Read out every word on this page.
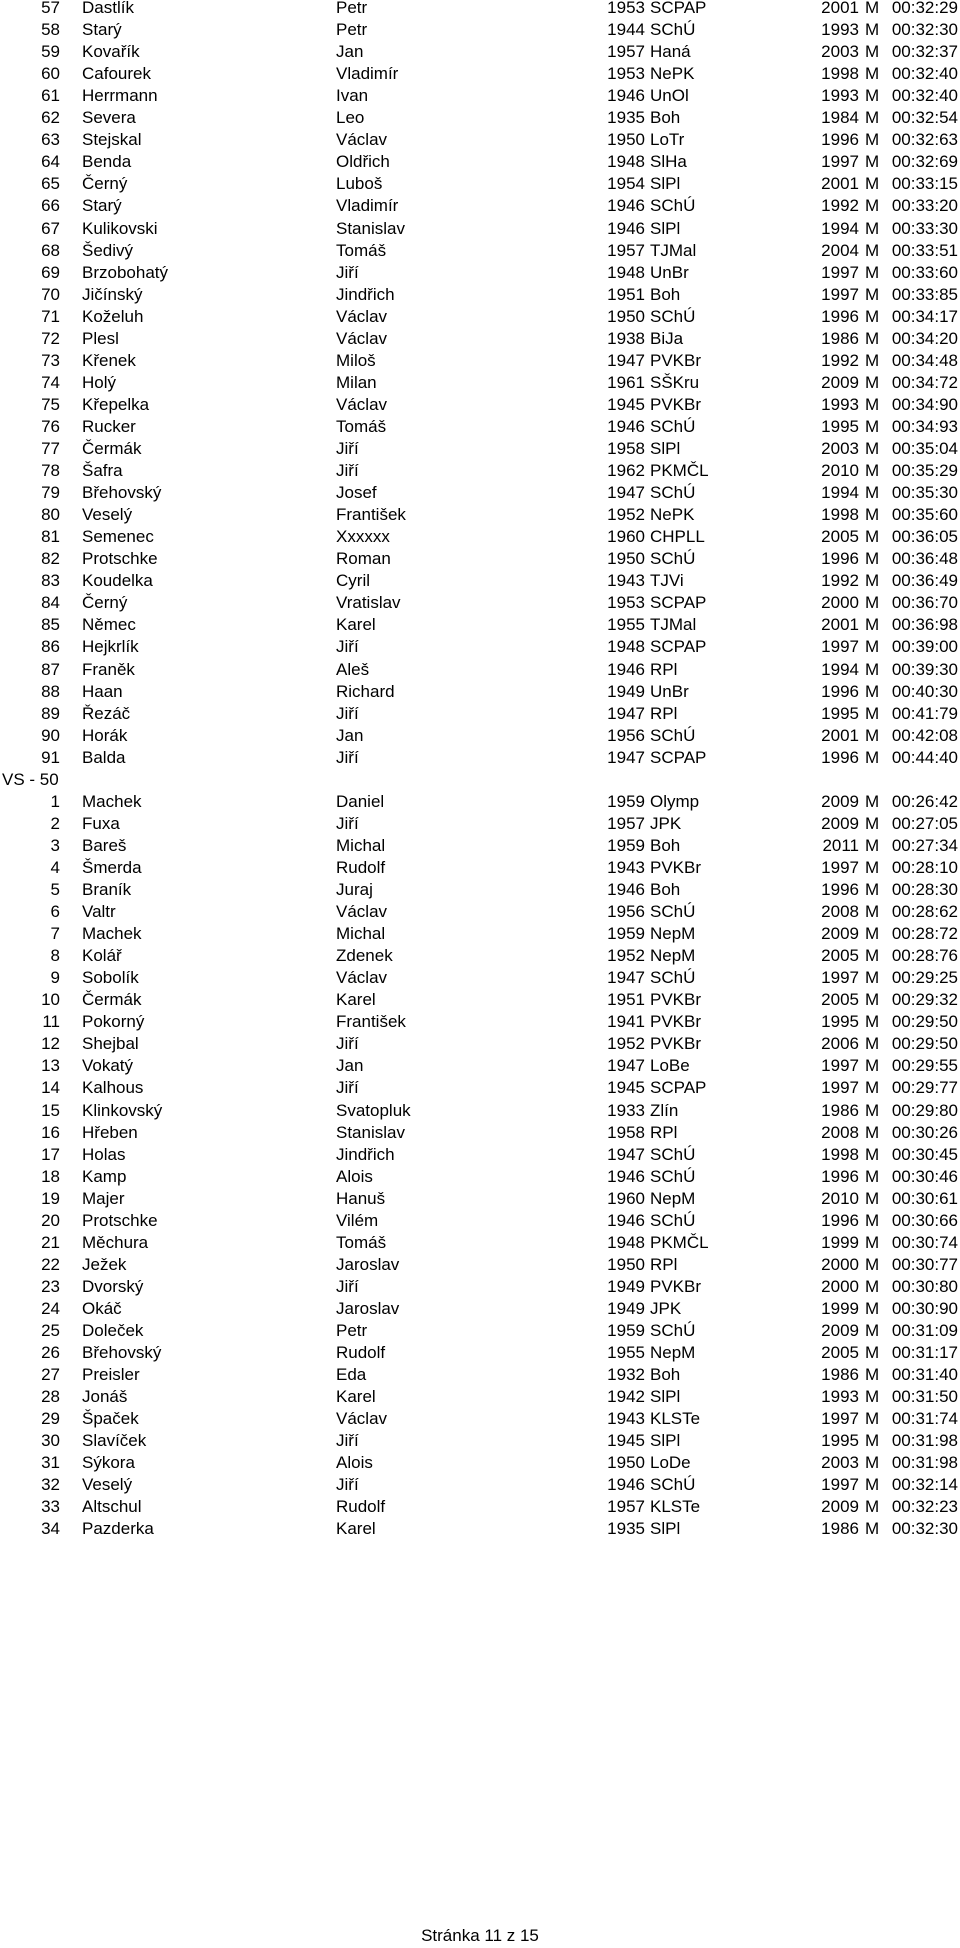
57 Dastlík	Petr	1953 SCPAP	2001 M 00:32:29
58 Starý	Petr	1944 SChÚ	1993 M 00:32:30
59 Kovařík	Jan	1957 Haná	2003 M 00:32:37
60 Cafourek	Vladimír	1953 NePK	1998 M 00:32:40
61 Herrmann	Ivan	1946 UnOl	1993 M 00:32:40
62 Severa	Leo	1935 Boh	1984 M 00:32:54
63 Stejskal	Václav	1950 LoTr	1996 M 00:32:63
64 Benda	Oldřich	1948 SlHa	1997 M 00:32:69
65 Černý	Luboš	1954 SlPl	2001 M 00:33:15
66 Starý	Vladimír	1946 SChÚ	1992 M 00:33:20
67 Kulikovski	Stanislav	1946 SlPl	1994 M 00:33:30
68 Šedivý	Tomáš	1957 TJMal	2004 M 00:33:51
69 Brzobohatý	Jiří	1948 UnBr	1997 M 00:33:60
70 Jičínský	Jindřich	1951 Boh	1997 M 00:33:85
71 Koželuh	Václav	1950 SChÚ	1996 M 00:34:17
72 Plesl	Václav	1938 BiJa	1986 M 00:34:20
73 Křenek	Miloš	1947 PVKBr	1992 M 00:34:48
74 Holý	Milan	1961 SŠKru	2009 M 00:34:72
75 Křepelka	Václav	1945 PVKBr	1993 M 00:34:90
76 Rucker	Tomáš	1946 SChÚ	1995 M 00:34:93
77 Čermák	Jiří	1958 SlPl	2003 M 00:35:04
78 Šafra	Jiří	1962 PKMČL	2010 M 00:35:29
79 Břehovský	Josef	1947 SChÚ	1994 M 00:35:30
80 Veselý	František	1952 NePK	1998 M 00:35:60
81 Semenec	Xxxxxx	1960 CHPLL	2005 M 00:36:05
82 Protschke	Roman	1950 SChÚ	1996 M 00:36:48
83 Koudelka	Cyril	1943 TJVi	1992 M 00:36:49
84 Černý	Vratislav	1953 SCPAP	2000 M 00:36:70
85 Němec	Karel	1955 TJMal	2001 M 00:36:98
86 Hejkrlík	Jiří	1948 SCPAP	1997 M 00:39:00
87 Franěk	Aleš	1946 RPl	1994 M 00:39:30
88 Haan	Richard	1949 UnBr	1996 M 00:40:30
89 Řezáč	Jiří	1947 RPl	1995 M 00:41:79
90 Horák	Jan	1956 SChÚ	2001 M 00:42:08
91 Balda	Jiří	1947 SCPAP	1996 M 00:44:40
VS - 50
1 Machek	Daniel	1959 Olymp	2009 M 00:26:42
2 Fuxa	Jiří	1957 JPK	2009 M 00:27:05
3 Bareš	Michal	1959 Boh	2011 M 00:27:34
4 Šmerda	Rudolf	1943 PVKBr	1997 M 00:28:10
5 Braník	Juraj	1946 Boh	1996 M 00:28:30
6 Valtr	Václav	1956 SChÚ	2008 M 00:28:62
7 Machek	Michal	1959 NepM	2009 M 00:28:72
8 Kolář	Zdenek	1952 NepM	2005 M 00:28:76
9 Sobolík	Václav	1947 SChÚ	1997 M 00:29:25
10 Čermák	Karel	1951 PVKBr	2005 M 00:29:32
11 Pokorný	František	1941 PVKBr	1995 M 00:29:50
12 Shejbal	Jiří	1952 PVKBr	2006 M 00:29:50
13 Vokatý	Jan	1947 LoBe	1997 M 00:29:55
14 Kalhous	Jiří	1945 SCPAP	1997 M 00:29:77
15 Klinkovský	Svatopluk	1933 Zlín	1986 M 00:29:80
16 Hřeben	Stanislav	1958 RPl	2008 M 00:30:26
17 Holas	Jindřich	1947 SChÚ	1998 M 00:30:45
18 Kamp	Alois	1946 SChÚ	1996 M 00:30:46
19 Majer	Hanuš	1960 NepM	2010 M 00:30:61
20 Protschke	Vilém	1946 SChÚ	1996 M 00:30:66
21 Měchura	Tomáš	1948 PKMČL	1999 M 00:30:74
22 Ježek	Jaroslav	1950 RPl	2000 M 00:30:77
23 Dvorský	Jiří	1949 PVKBr	2000 M 00:30:80
24 Okáč	Jaroslav	1949 JPK	1999 M 00:30:90
25 Doleček	Petr	1959 SChÚ	2009 M 00:31:09
26 Břehovský	Rudolf	1955 NepM	2005 M 00:31:17
27 Preisler	Eda	1932 Boh	1986 M 00:31:40
28 Jonáš	Karel	1942 SlPl	1993 M 00:31:50
29 Špaček	Václav	1943 KLSTe	1997 M 00:31:74
30 Slavíček	Jiří	1945 SlPl	1995 M 00:31:98
31 Sýkora	Alois	1950 LoDe	2003 M 00:31:98
32 Veselý	Jiří	1946 SChÚ	1997 M 00:32:14
33 Altschul	Rudolf	1957 KLSTe	2009 M 00:32:23
34 Pazderka	Karel	1935 SlPl	1986 M 00:32:30
Stránka 11 z 15
